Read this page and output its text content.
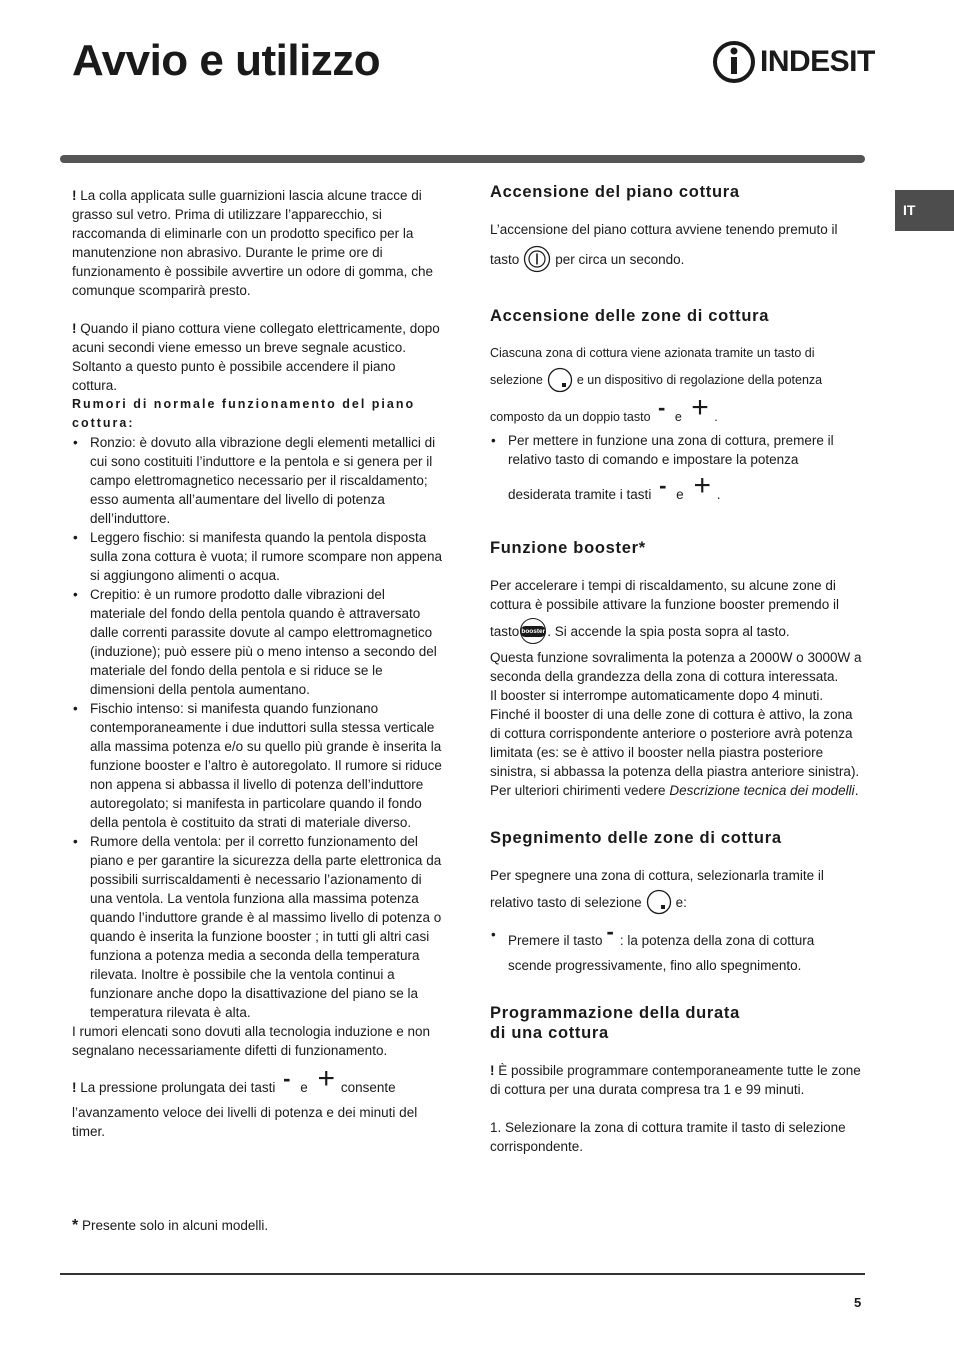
Avvio e utilizzo	INDESIT
IT

! La colla applicata sulle guarnizioni lascia alcune tracce di grasso sul vetro. Prima di utilizzare l’apparecchio, si raccomanda di eliminarle con un prodotto specifico per la manutenzione non abrasivo. Durante le prime ore di funzionamento è possibile avvertire un odore di gomma, che comunque scomparirà presto.

! Quando il piano cottura viene collegato elettricamente, dopo acuni secondi viene emesso un breve segnale acustico. Soltanto a questo punto è possibile accendere il piano cottura.

Rumori di normale funzionamento del piano cottura:

• Ronzio: è dovuto alla vibrazione degli elementi metallici di cui sono costituiti l’induttore e la pentola e si genera per il campo elettromagnetico necessario per il riscaldamento; esso aumenta all’aumentare del livello di potenza dell’induttore.
• Leggero fischio: si manifesta quando la pentola disposta sulla zona cottura è vuota; il rumore scompare non appena si aggiungono alimenti o acqua.
• Crepitio: è un rumore prodotto dalle vibrazioni del materiale del fondo della pentola quando è attraversato dalle correnti parassite dovute al campo elettromagnetico (induzione); può essere più o meno intenso a secondo del materiale del fondo della pentola e si riduce se le dimensioni della pentola aumentano.
• Fischio intenso: si manifesta quando funzionano contemporaneamente i due induttori sulla stessa verticale alla massima potenza e/o su quello più grande è inserita la funzione booster e l’altro è autoregolato. Il rumore si riduce non appena si abbassa il livello di potenza dell’induttore autoregolato; si manifesta in particolare quando il fondo della pentola è costituito da strati di materiale diverso.
• Rumore della ventola: per il corretto funzionamento del piano e per garantire la sicurezza della parte elettronica da possibili surriscaldamenti è necessario l’azionamento di una ventola. La ventola funziona alla massima potenza quando l’induttore grande è al massimo livello di potenza o quando è inserita la funzione booster ; in tutti gli altri casi funziona a potenza media a seconda della temperatura rilevata. Inoltre è possibile che la ventola continui a funzionare anche dopo la disattivazione del piano se la temperatura rilevata è alta.

I rumori elencati sono dovuti alla tecnologia induzione e non segnalano necessariamente difetti di funzionamento.

! La pressione prolungata dei tasti - e + consente

l’avanzamento veloce dei livelli di potenza e dei minuti del timer.

* Presente solo in alcuni modelli.
Accensione del piano cottura

L’accensione del piano cottura avviene tenendo premuto il

tasto	per circa un secondo.

Accensione delle zone di cottura

Ciascuna zona di cottura viene azionata tramite un tasto di

selezione	e un dispositivo di regolazione della potenza

composto da un doppio tasto - e + .

• Per mettere in funzione una zona di cottura, premere il relativo tasto di comando e impostare la potenza
desiderata tramite i tasti - e + .
Funzione booster*

Per accelerare i tempi di riscaldamento, su alcune zone di cottura è possibile attivare la funzione booster premendo il

tasto booster . Si accende la spia posta sopra al tasto.

Questa funzione sovralimenta la potenza a 2000W o 3000W a seconda della grandezza della zona di cottura interessata.

Il booster si interrompe automaticamente dopo 4 minuti. Finché il booster di una delle zone di cottura è attivo, la zona di cottura corrispondente anteriore o posteriore avrà potenza limitata (es: se è attivo il booster nella piastra posteriore sinistra, si abbassa la potenza della piastra anteriore sinistra). Per ulteriori chirimenti vedere Descrizione tecnica dei modelli.

Spegnimento delle zone di cottura

Per spegnere una zona di cottura, selezionarla tramite il

relativo tasto di selezione	e:

• Premere il tasto - : la potenza della zona di cottura
scende progressivamente, fino allo spegnimento.
Programmazione della durata
di una cottura

! È possibile programmare contemporaneamente tutte le zone di cottura per una durata compresa tra 1 e 99 minuti.

1. Selezionare la zona di cottura tramite il tasto di selezione corrispondente.

5
